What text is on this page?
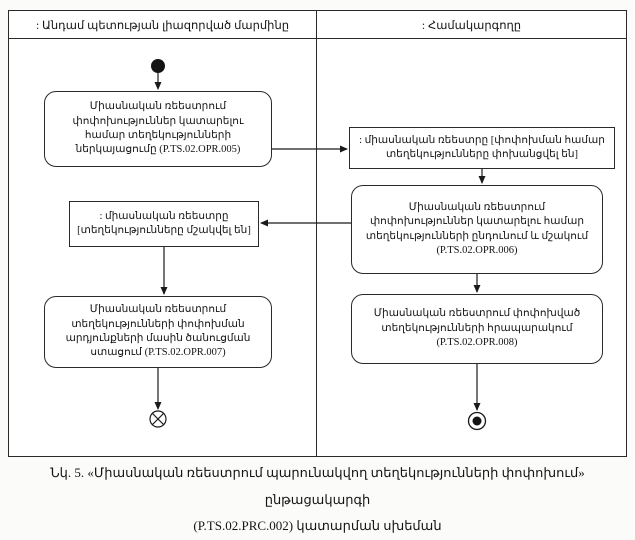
: Անդամ պետության լիազորված մարմինը	: Համակարգողը
Միասնական ռեեստրում փոփոխություններ կատարելու համար տեղեկությունների ներկայացումը (P.TS.02.OPR.005)
: միասնական ռեեստրը [փոփոխման համար տեղեկությունները փոխանցվել են]
Միասնական ռեեստրում փոփոխություններ կատարելու համար տեղեկությունների ընդունում և մշակում (P.TS.02.OPR.006)
: միասնական ռեեստրը [տեղեկությունները մշակվել են]
Միասնական ռեեստրում տեղեկությունների փոփոխման արդյունքների մասին ծանուցման ստացում (P.TS.02.OPR.007)
Միասնական ռեեստրում փոփոխված տեղեկությունների հրապարակում (P.TS.02.OPR.008)
Նկ. 5. «Միասնական ռեեստրում պարունակվող տեղեկությունների փոփոխում» ընթացակարգի
(P.TS.02.PRC.002) կատարման սխեման
